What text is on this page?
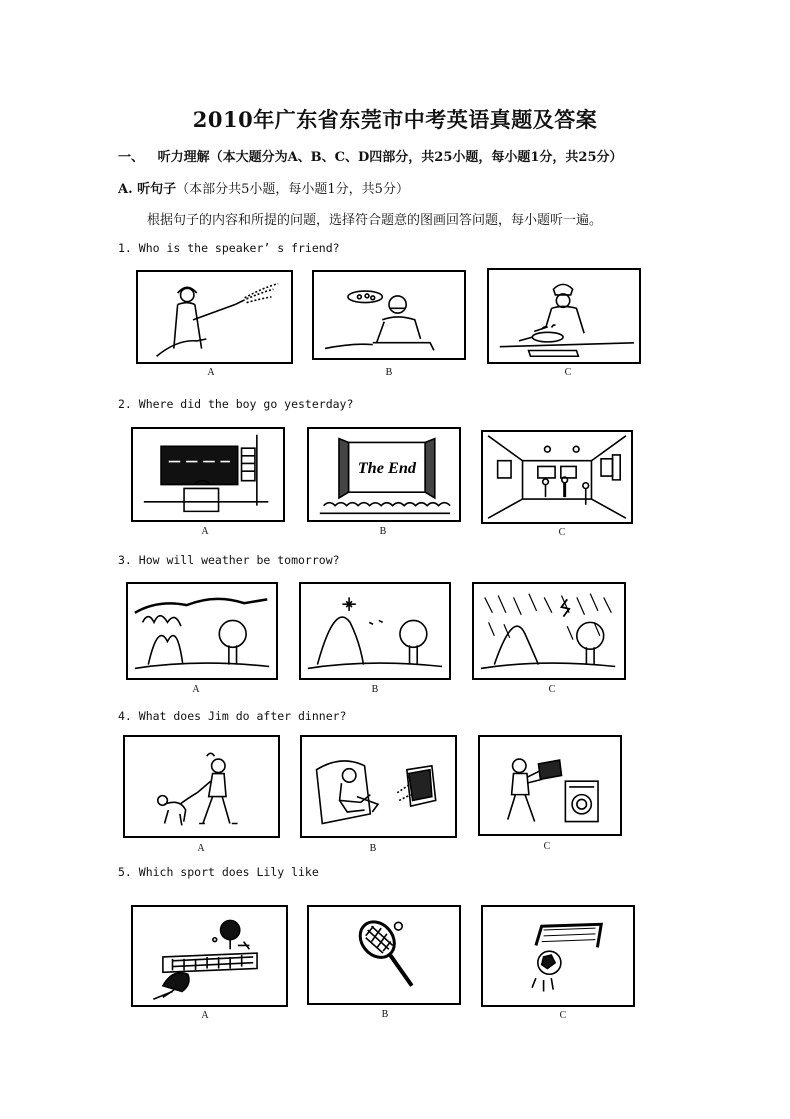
2010年广东省东莞市中考英语真题及答案
一、 听力理解（本大题分为A、B、C、D四部分，共25小题，每小题1分，共25分）
A. 听句子（本部分共5小题，每小题1分，共5分）
根据句子的内容和所提的问题，选择符合题意的图画回答问题，每小题听一遍。
1. Who is the speaker’ s friend?
A	B	C
2. Where did the boy go yesterday?
A
The End
B	C
3. How will weather be tomorrow?
A	B	C
4. What does Jim do after dinner?
A	B	C
5. Which sport does Lily like
A	B	C
